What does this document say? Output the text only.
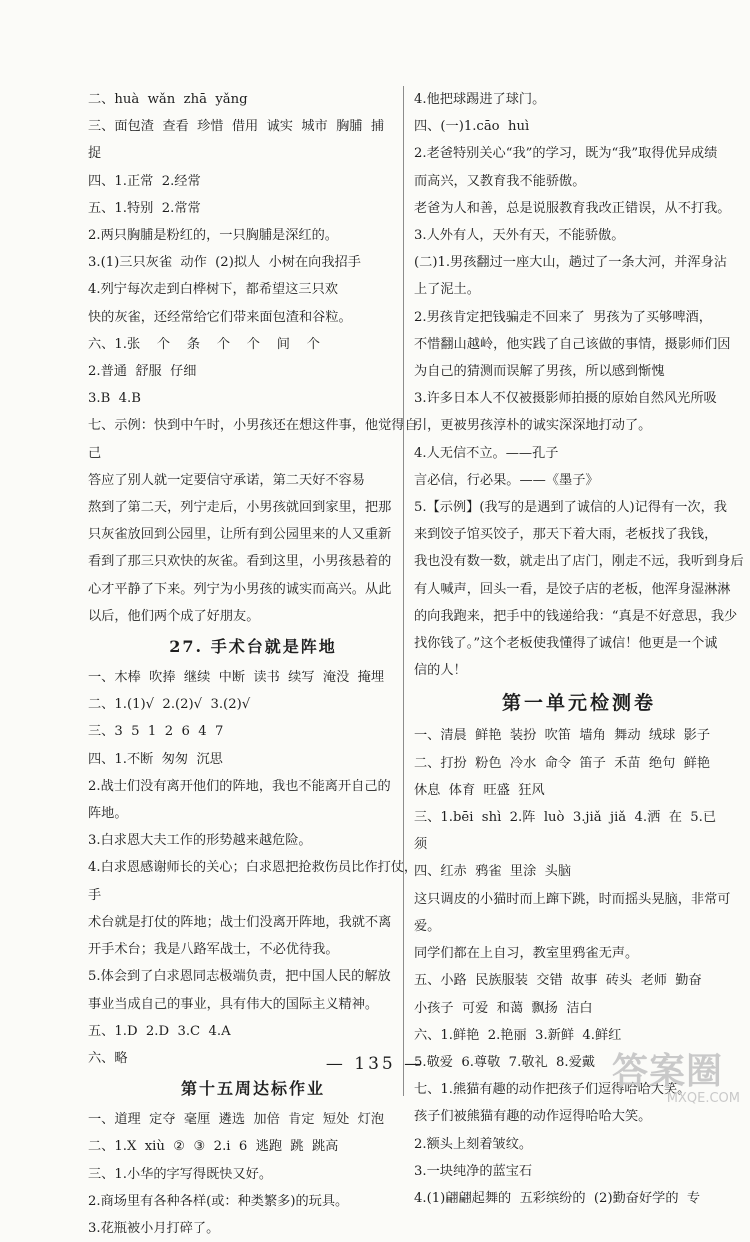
二、huà  wǎn  zhā  yǎng
三、面包渣  查看  珍惜  借用  诚实  城市  胸脯  捕
捉
四、1.正常  2.经常
五、1.特别  2.常常
2.两只胸脯是粉红的，一只胸脯是深红的。
3.(1)三只灰雀  动作  (2)拟人  小树在向我招手
4.列宁每次走到白桦树下，都希望这三只欢
快的灰雀，还经常给它们带来面包渣和谷粒。
六、1.张    个    条    个    个    间    个
2.普通  舒服  仔细
3.B  4.B
七、示例：快到中午时，小男孩还在想这件事，他觉得自己
答应了别人就一定要信守承诺，第二天好不容易
熬到了第二天，列宁走后，小男孩就回到家里，把那
只灰雀放回到公园里，让所有到公园里来的人又重新
看到了那三只欢快的灰雀。看到这里，小男孩悬着的
心才平静了下来。列宁为小男孩的诚实而高兴。从此
以后，他们两个成了好朋友。
27. 手术台就是阵地
一、木棒  吹捧  继续  中断  读书  续写  淹没  掩埋
二、1.(1)√  2.(2)√  3.(2)√
三、3  5  1  2  6  4  7
四、1.不断  匆匆  沉思
2.战士们没有离开他们的阵地，我也不能离开自己的
阵地。
3.白求恩大夫工作的形势越来越危险。
4.白求恩感谢师长的关心；白求恩把抢救伤员比作打仗，手
术台就是打仗的阵地；战士们没离开阵地，我就不离
开手术台；我是八路军战士，不必优待我。
5.体会到了白求恩同志极端负责，把中国人民的解放
事业当成自己的事业，具有伟大的国际主义精神。
五、1.D  2.D  3.C  4.A
六、略
第十五周达标作业
一、道理  定夺  毫厘  遴选  加倍  肯定  短处  灯泡
二、1.X  xiù  ②  ③  2.i  6  逃跑  跳  跳高
三、1.小华的字写得既快又好。
2.商场里有各种各样(或：种类繁多)的玩具。
3.花瓶被小月打碎了。
4.他把球踢进了球门。
四、(一)1.cāo  huì
2.老爸特别关心“我”的学习，既为“我”取得优异成绩
而高兴，又教育我不能骄傲。
老爸为人和善，总是说服教育我改正错误，从不打我。
3.人外有人，天外有天，不能骄傲。
(二)1.男孩翻过一座大山，趟过了一条大河，并浑身沾
上了泥土。
2.男孩肯定把钱骗走不回来了  男孩为了买够啤酒，
不惜翻山越岭，他实践了自己该做的事情，摄影师们因
为自己的猜测而误解了男孩，所以感到惭愧
3.许多日本人不仅被摄影师拍摄的原始自然风光所吸
引，更被男孩淳朴的诚实深深地打动了。
4.人无信不立。——孔子
言必信，行必果。——《墨子》
5.【示例】(我写的是遇到了诚信的人)记得有一次，我
来到饺子馆买饺子，那天下着大雨，老板找了我钱，
我也没有数一数，就走出了店门，刚走不远，我听到身后
有人喊声，回头一看，是饺子店的老板，他浑身湿淋淋
的向我跑来，把手中的钱递给我：“真是不好意思，我少
找你钱了。”这个老板使我懂得了诚信！他更是一个诚
信的人！
第一单元检测卷
一、清晨  鲜艳  装扮  吹笛  墙角  舞动  绒球  影子
二、打扮  粉色  冷水  命令  笛子  禾苗  绝句  鲜艳
休息  体育  旺盛  狂风
三、1.bēi  shì  2.阵  luò  3.jiǎ  jiǎ  4.洒  在  5.已
须
四、红赤  鸦雀  里涂  头脑
这只调皮的小猫时而上蹿下跳，时而摇头晃脑，非常可
爱。
同学们都在上自习，教室里鸦雀无声。
五、小路  民族服装  交错  故事  砖头  老师  勤奋
小孩子  可爱  和蔼  飘扬  洁白
六、1.鲜艳  2.艳丽  3.新鲜  4.鲜红
5.敬爱  6.尊敬  7.敬礼  8.爱戴
七、1.熊猫有趣的动作把孩子们逗得哈哈大笑。
孩子们被熊猫有趣的动作逗得哈哈大笑。
2.额头上刻着皱纹。
3.一块纯净的蓝宝石
4.(1)翩翩起舞的  五彩缤纷的  (2)勤奋好学的  专
— 135 —	答案圈
MXQE.COM
